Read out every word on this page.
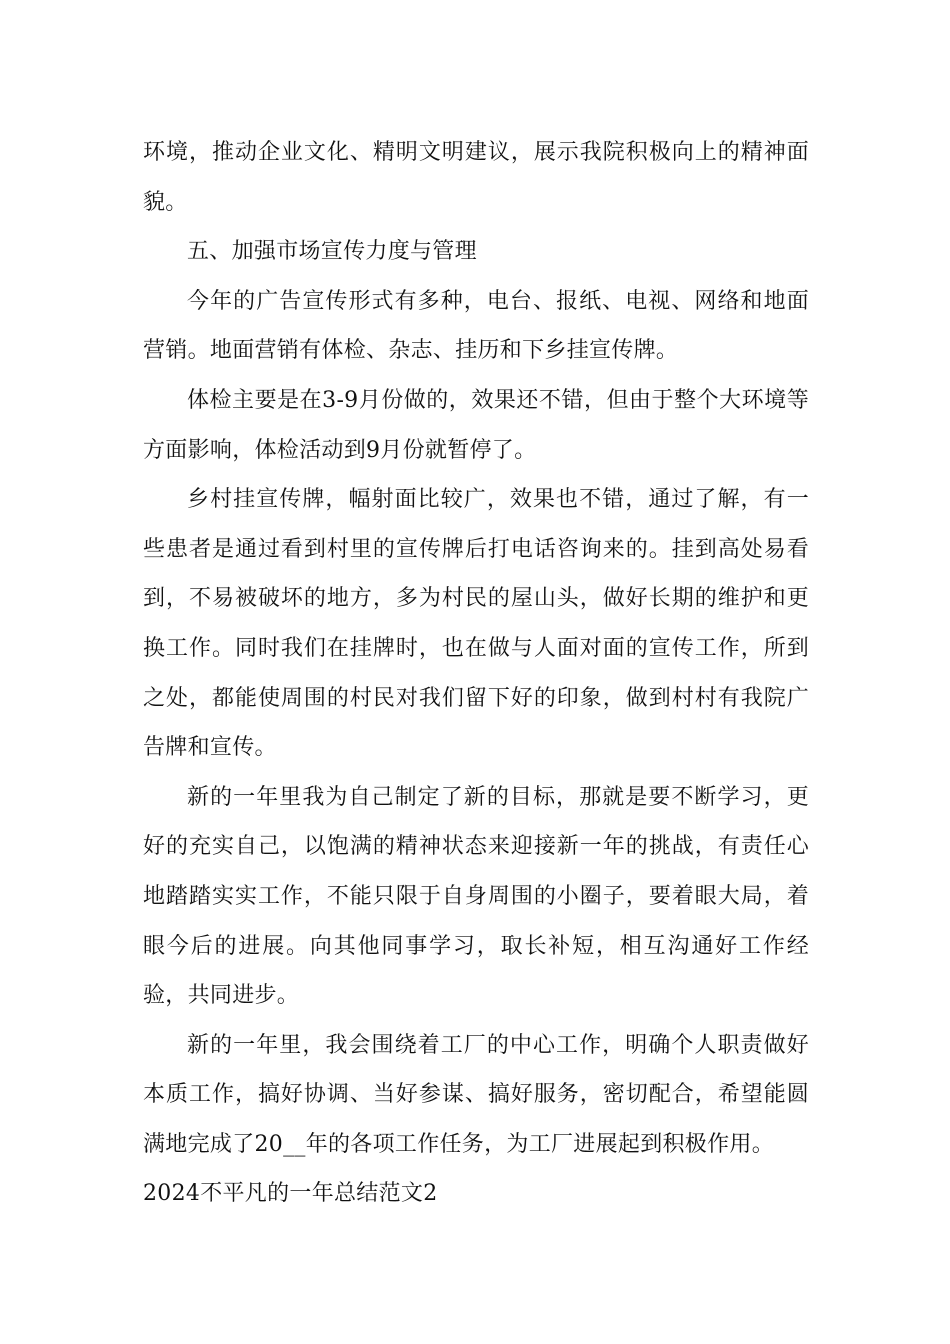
环境，推动企业文化、精明文明建议，展示我院积极向上的精神面貌。

五、加强市场宣传力度与管理

今年的广告宣传形式有多种，电台、报纸、电视、网络和地面营销。地面营销有体检、杂志、挂历和下乡挂宣传牌。

体检主要是在3-9月份做的，效果还不错，但由于整个大环境等方面影响，体检活动到9月份就暂停了。

乡村挂宣传牌，幅射面比较广，效果也不错，通过了解，有一些患者是通过看到村里的宣传牌后打电话咨询来的。挂到高处易看到，不易被破坏的地方，多为村民的屋山头，做好长期的维护和更换工作。同时我们在挂牌时，也在做与人面对面的宣传工作，所到之处，都能使周围的村民对我们留下好的印象，做到村村有我院广告牌和宣传。

新的一年里我为自己制定了新的目标，那就是要不断学习，更好的充实自己，以饱满的精神状态来迎接新一年的挑战，有责任心地踏踏实实工作，不能只限于自身周围的小圈子，要着眼大局，着眼今后的进展。向其他同事学习，取长补短，相互沟通好工作经验，共同进步。

新的一年里，我会围绕着工厂的中心工作，明确个人职责做好本质工作，搞好协调、当好参谋、搞好服务，密切配合，希望能圆满地完成了20__年的各项工作任务，为工厂进展起到积极作用。

2024不平凡的一年总结范文2
